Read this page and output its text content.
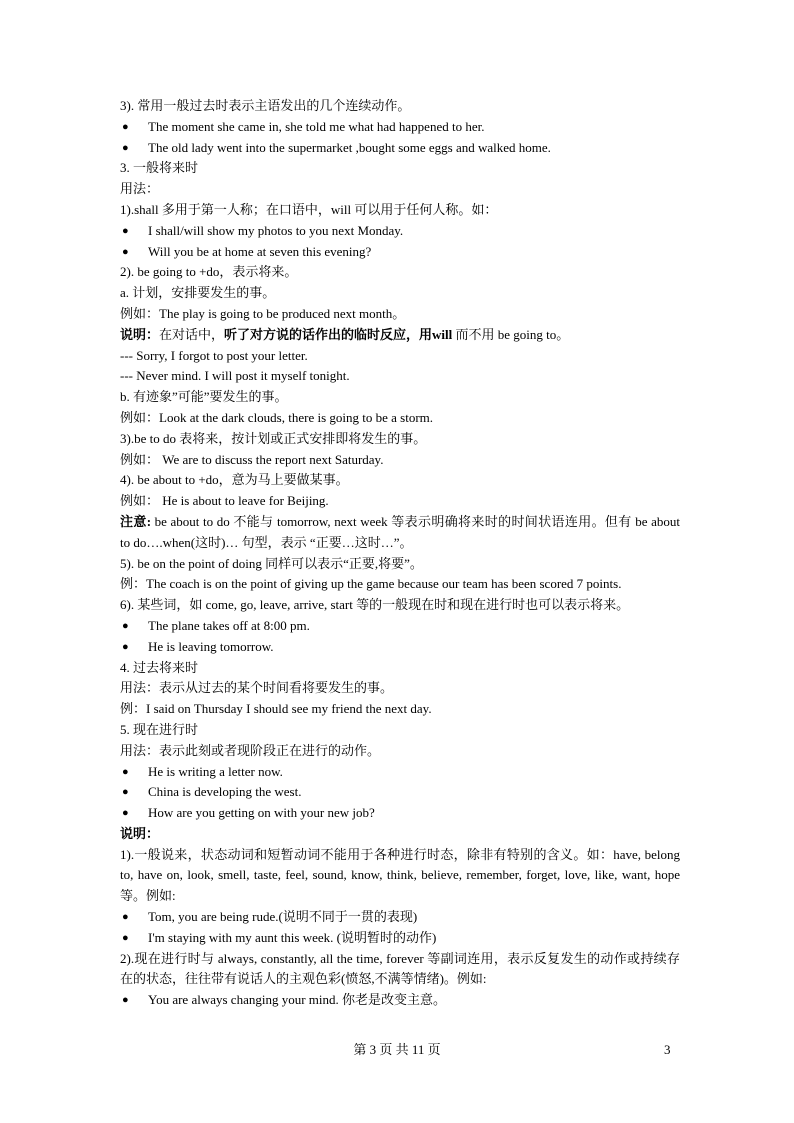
3). 常用一般过去时表示主语发出的几个连续动作。
● The moment she came in, she told me what had happened to her.
● The old lady went into the supermarket ,bought some eggs and walked home.
3. 一般将来时
用法：
1).shall 多用于第一人称；在口语中，will 可以用于任何人称。如：
● I shall/will show my photos to you next Monday.
● Will you be at home at seven this evening?
2). be going to +do，表示将来。
a. 计划，安排要发生的事。
例如：The play is going to be produced next month。
说明：在对话中，听了对方说的话作出的临时反应，用will 而不用 be going to。
--- Sorry, I forgot to post your letter.
--- Never mind. I will post it myself tonight.
b. 有迹象”可能”要发生的事。
例如：Look at the dark clouds, there is going to be a storm.
3).be to do 表将来，按计划或正式安排即将发生的事。
例如： We are to discuss the report next Saturday.
4). be about to +do，意为马上要做某事。
例如： He is about to leave for Beijing.
注意: be about to do 不能与 tomorrow, next week 等表示明确将来时的时间状语连用。但有 be about to do….when(这时)… 句型，表示 “正要…这时…”。
5). be on the point of doing 同样可以表示“正要,将要”。
例：The coach is on the point of giving up the game because our team has been scored 7 points.
6). 某些词，如 come, go, leave, arrive, start 等的一般现在时和现在进行时也可以表示将来。
● The plane takes off at 8:00 pm.
● He is leaving tomorrow.
4. 过去将来时
用法：表示从过去的某个时间看将要发生的事。
例：I said on Thursday I should see my friend the next day.
5. 现在进行时
用法：表示此刻或者现阶段正在进行的动作。
● He is writing a letter now.
● China is developing the west.
● How are you getting on with your new job?
说明：
1).一般说来，状态动词和短暂动词不能用于各种进行时态，除非有特别的含义。如：have, belong to, have on, look, smell, taste, feel, sound, know, think, believe, remember, forget, love, like, want, hope 等。例如:
● Tom, you are being rude.(说明不同于一贯的表现)
● I'm staying with my aunt this week. (说明暂时的动作)
2).现在进行时与 always, constantly, all the time, forever 等副词连用，表示反复发生的动作或持续存在的状态，往往带有说话人的主观色彩(愤怒,不满等情绪)。例如:
● You are always changing your mind. 你老是改变主意。
第 3 页 共 11 页	3
